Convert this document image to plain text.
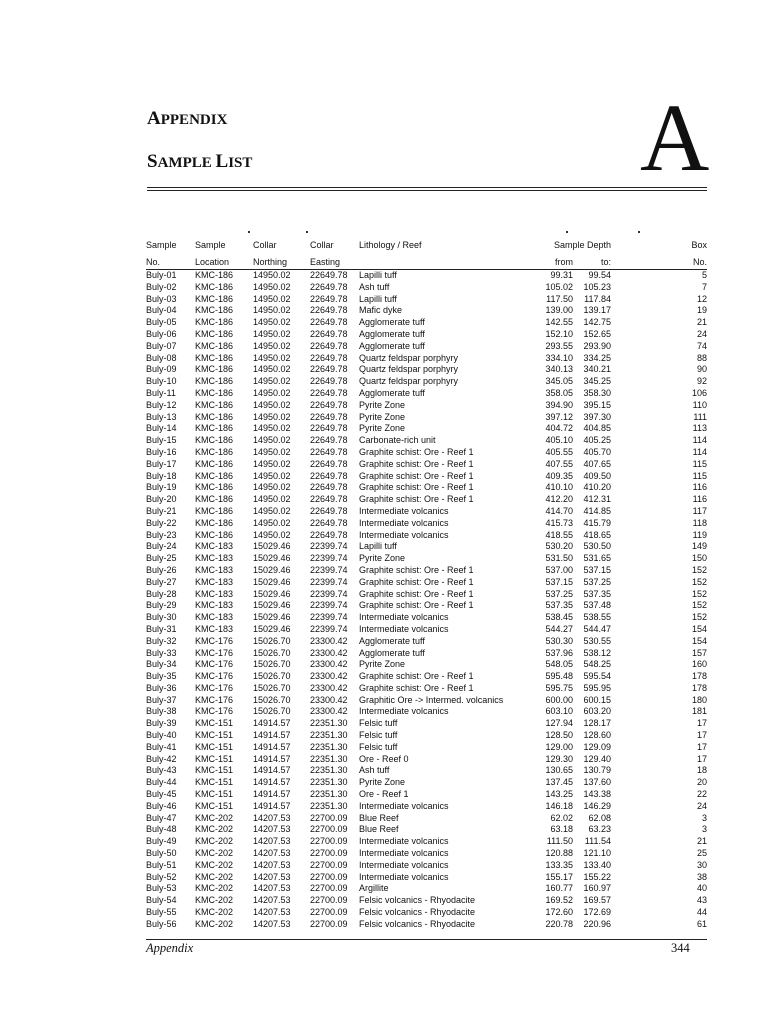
APPENDIX
SAMPLE LIST	A
Sample	Sample	Collar	Collar	Lithology / Reef	Sample Depth		Box
No.	Location	Northing	Easting		from	to:	No.
Buly-01	KMC-186	14950.02	22649.78	Lapilli tuff	99.31	99.54	5
Buly-02	KMC-186	14950.02	22649.78	Ash tuff	105.02	105.23	7
Buly-03	KMC-186	14950.02	22649.78	Lapilli tuff	117.50	117.84	12
Buly-04	KMC-186	14950.02	22649.78	Mafic dyke	139.00	139.17	19
Buly-05	KMC-186	14950.02	22649.78	Agglomerate tuff	142.55	142.75	21
Buly-06	KMC-186	14950.02	22649.78	Agglomerate tuff	152.10	152.65	24
Buly-07	KMC-186	14950.02	22649.78	Agglomerate tuff	293.55	293.90	74
Buly-08	KMC-186	14950.02	22649.78	Quartz feldspar porphyry	334.10	334.25	88
Buly-09	KMC-186	14950.02	22649.78	Quartz feldspar porphyry	340.13	340.21	90
Buly-10	KMC-186	14950.02	22649.78	Quartz feldspar porphyry	345.05	345.25	92
Buly-11	KMC-186	14950.02	22649.78	Agglomerate tuff	358.05	358.30	106
Buly-12	KMC-186	14950.02	22649.78	Pyrite Zone	394.90	395.15	110
Buly-13	KMC-186	14950.02	22649.78	Pyrite Zone	397.12	397.30	111
Buly-14	KMC-186	14950.02	22649.78	Pyrite Zone	404.72	404.85	113
Buly-15	KMC-186	14950.02	22649.78	Carbonate-rich unit	405.10	405.25	114
Buly-16	KMC-186	14950.02	22649.78	Graphite schist: Ore - Reef 1	405.55	405.70	114
Buly-17	KMC-186	14950.02	22649.78	Graphite schist: Ore - Reef 1	407.55	407.65	115
Buly-18	KMC-186	14950.02	22649.78	Graphite schist: Ore - Reef 1	409.35	409.50	115
Buly-19	KMC-186	14950.02	22649.78	Graphite schist: Ore - Reef 1	410.10	410.20	116
Buly-20	KMC-186	14950.02	22649.78	Graphite schist: Ore - Reef 1	412.20	412.31	116
Buly-21	KMC-186	14950.02	22649.78	Intermediate volcanics	414.70	414.85	117
Buly-22	KMC-186	14950.02	22649.78	Intermediate volcanics	415.73	415.79	118
Buly-23	KMC-186	14950.02	22649.78	Intermediate volcanics	418.55	418.65	119
Buly-24	KMC-183	15029.46	22399.74	Lapilli tuff	530.20	530.50	149
Buly-25	KMC-183	15029.46	22399.74	Pyrite Zone	531.50	531.65	150
Buly-26	KMC-183	15029.46	22399.74	Graphite schist: Ore - Reef 1	537.00	537.15	152
Buly-27	KMC-183	15029.46	22399.74	Graphite schist: Ore - Reef 1	537.15	537.25	152
Buly-28	KMC-183	15029.46	22399.74	Graphite schist: Ore - Reef 1	537.25	537.35	152
Buly-29	KMC-183	15029.46	22399.74	Graphite schist: Ore - Reef 1	537.35	537.48	152
Buly-30	KMC-183	15029.46	22399.74	Intermediate volcanics	538.45	538.55	152
Buly-31	KMC-183	15029.46	22399.74	Intermediate volcanics	544.27	544.47	154
Buly-32	KMC-176	15026.70	23300.42	Agglomerate tuff	530.30	530.55	154
Buly-33	KMC-176	15026.70	23300.42	Agglomerate tuff	537.96	538.12	157
Buly-34	KMC-176	15026.70	23300.42	Pyrite Zone	548.05	548.25	160
Buly-35	KMC-176	15026.70	23300.42	Graphite schist: Ore - Reef 1	595.48	595.54	178
Buly-36	KMC-176	15026.70	23300.42	Graphite schist: Ore - Reef 1	595.75	595.95	178
Buly-37	KMC-176	15026.70	23300.42	Graphitic Ore -> Intermed. volcanics	600.00	600.15	180
Buly-38	KMC-176	15026.70	23300.42	Intermediate volcanics	603.10	603.20	181
Buly-39	KMC-151	14914.57	22351.30	Felsic tuff	127.94	128.17	17
Buly-40	KMC-151	14914.57	22351.30	Felsic tuff	128.50	128.60	17
Buly-41	KMC-151	14914.57	22351.30	Felsic tuff	129.00	129.09	17
Buly-42	KMC-151	14914.57	22351.30	Ore - Reef 0	129.30	129.40	17
Buly-43	KMC-151	14914.57	22351.30	Ash tuff	130.65	130.79	18
Buly-44	KMC-151	14914.57	22351.30	Pyrite Zone	137.45	137.60	20
Buly-45	KMC-151	14914.57	22351.30	Ore - Reef 1	143.25	143.38	22
Buly-46	KMC-151	14914.57	22351.30	Intermediate volcanics	146.18	146.29	24
Buly-47	KMC-202	14207.53	22700.09	Blue Reef	62.02	62.08	3
Buly-48	KMC-202	14207.53	22700.09	Blue Reef	63.18	63.23	3
Buly-49	KMC-202	14207.53	22700.09	Intermediate volcanics	111.50	111.54	21
Buly-50	KMC-202	14207.53	22700.09	Intermediate volcanics	120.88	121.10	25
Buly-51	KMC-202	14207.53	22700.09	Intermediate volcanics	133.35	133.40	30
Buly-52	KMC-202	14207.53	22700.09	Intermediate volcanics	155.17	155.22	38
Buly-53	KMC-202	14207.53	22700.09	Argillite	160.77	160.97	40
Buly-54	KMC-202	14207.53	22700.09	Felsic volcanics - Rhyodacite	169.52	169.57	43
Buly-55	KMC-202	14207.53	22700.09	Felsic volcanics - Rhyodacite	172.60	172.69	44
Buly-56	KMC-202	14207.53	22700.09	Felsic volcanics - Rhyodacite	220.78	220.96	61
Appendix	344
